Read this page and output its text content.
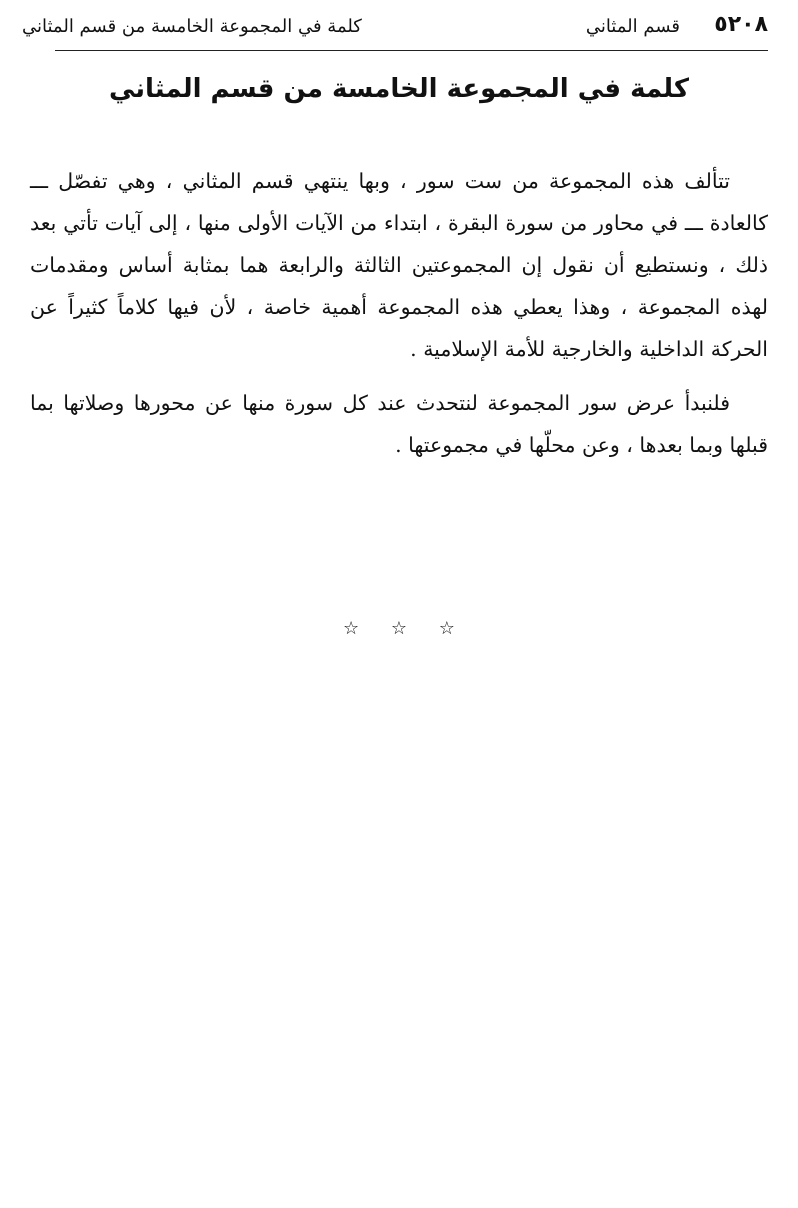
٥٢٠٨
قسم المثاني
كلمة في المجموعة الخامسة من قسم المثاني
كلمة في المجموعة الخامسة من قسم المثاني

تتألف هذه المجموعة من ست سور ، وبها ينتهي قسم المثاني ، وهي تفصّل ـــ كالعادة ـــ في محاور من سورة البقرة ، ابتداء من الآيات الأولى منها ، إلى آيات تأتي بعد ذلك ، ونستطيع أن نقول إن المجموعتين الثالثة والرابعة هما بمثابة أساس ومقدمات لهذه المجموعة ، وهذا يعطي هذه المجموعة أهمية خاصة ، لأن فيها كلاماً كثيراً عن الحركة الداخلية والخارجية للأمة الإسلامية .

فلنبدأ عرض سور المجموعة لنتحدث عند كل سورة منها عن محورها وصلاتها بما قبلها وبما بعدها ، وعن محلّها في مجموعتها .

☆ ☆ ☆
